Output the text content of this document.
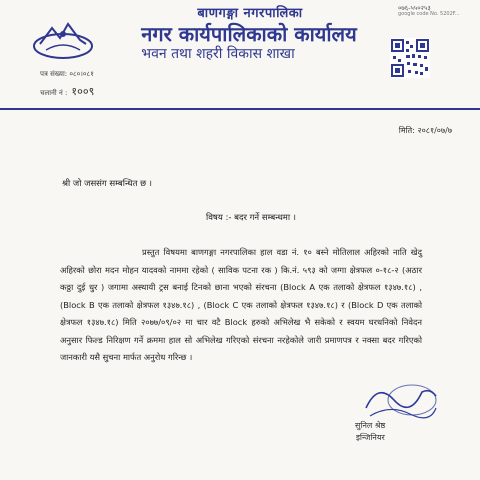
बाणगङ्गा नगरपालिका
नगर कार्यपालिकाको कार्यालय
भवन तथा शहरी विकास शाखा
०७६-५५०२५३
google code No. 5202F...
पत्र संख्या: ०८०।०८१
चलानी नं : १००९
मिति: २०८१/०७/७
श्री जो जससंग सम्बन्धित छ ।
विषय :- बदर गर्ने सम्बन्धमा ।

प्रस्तुत विषयमा बाणगङ्गा नगरपालिका हाल वडा नं. १० बस्ने मोतिलाल अहिरको नाति खेदु अहिरको छोरा मदन मोहन यादवको नाममा रहेको ( साविक पटना रक ) कि.नं. ५९३ को जग्गा क्षेत्रफल ०-१८-२ (अठार कठ्ठा दुई धुर ) जगामा अस्थायी ट्रस बनाई टिनको छाना भएको संरचना (Block A एक तलाको क्षेत्रफल १३४७.१८) , (Block B एक तलाको क्षेत्रफल १३४७.१८) , (Block C एक तलाको क्षेत्रफल १३४७.१८) र (Block D एक तलाको क्षेत्रफल १३४७.१८) मिति २०७७/०९/०२ मा चार वटै Block हरुको अभिलेख भै सकेको र स्वयम घरधनिको निवेदन अनुसार फिल्ड निरिक्षण गर्ने क्रममा हाल सो अभिलेख गरिएको संरचना नरहेकोले जारी प्रमाणपत्र र नक्सा बदर गरिएको जानकारी यसै सुचना मार्फत अनुरोध गरिन्छ ।

सुनिल श्रेष्ठ
इन्जिनियर
